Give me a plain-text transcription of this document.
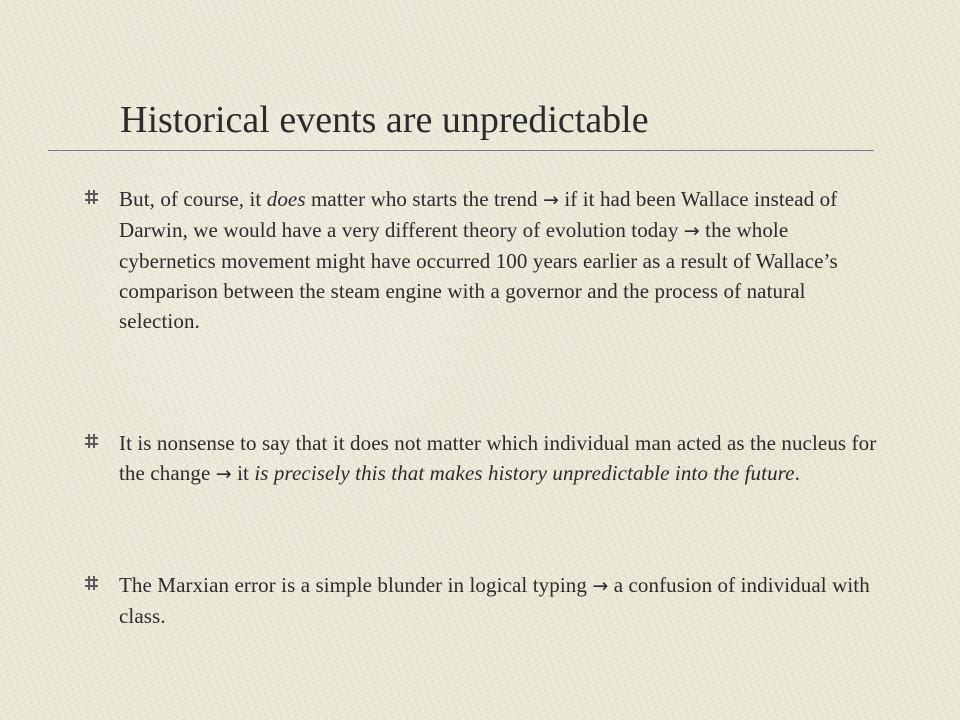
Historical events are unpredictable
But, of course, it does matter who starts the trend → if it had been Wallace instead of Darwin, we would have a very different theory of evolution today → the whole cybernetics movement might have occurred 100 years earlier as a result of Wallace’s comparison between the steam engine with a governor and the process of natural selection.
It is nonsense to say that it does not matter which individual man acted as the nucleus for the change → it is precisely this that makes history unpredictable into the future.
The Marxian error is a simple blunder in logical typing → a confusion of individual with class.
